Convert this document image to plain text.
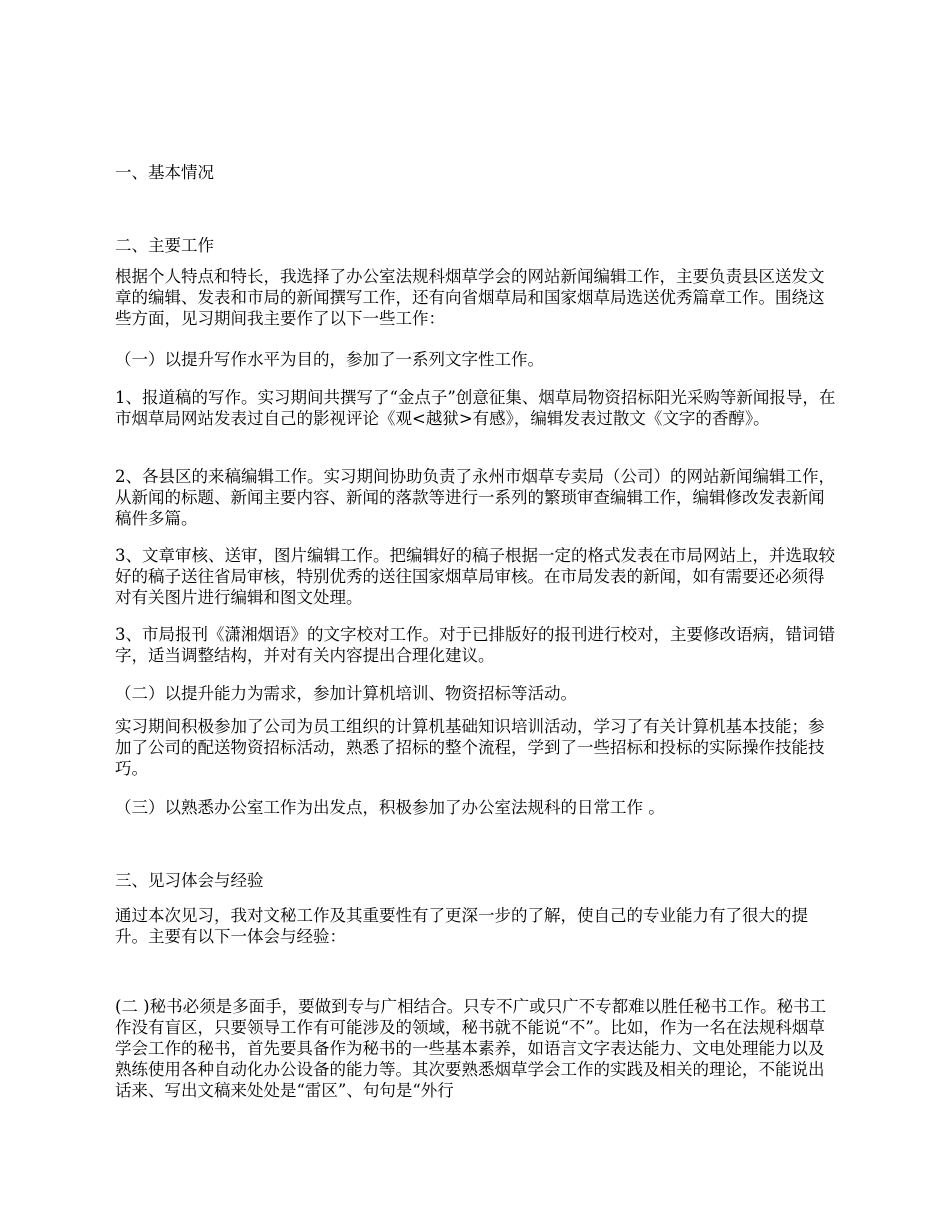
一、基本情况

二、主要工作

根据个人特点和特长，我选择了办公室法规科烟草学会的网站新闻编辑工作，主要负责县区送发文章的编辑、发表和市局的新闻撰写工作，还有向省烟草局和国家烟草局选送优秀篇章工作。围绕这些方面，见习期间我主要作了以下一些工作：

（一）以提升写作水平为目的，参加了一系列文字性工作。

1、报道稿的写作。实习期间共撰写了“金点子”创意征集、烟草局物资招标阳光采购等新闻报导，在市烟草局网站发表过自己的影视评论《观<越狱>有感》，编辑发表过散文《文字的香醇》。

2、各县区的来稿编辑工作。实习期间协助负责了永州市烟草专卖局（公司）的网站新闻编辑工作，从新闻的标题、新闻主要内容、新闻的落款等进行一系列的繁琐审查编辑工作，编辑修改发表新闻稿件多篇。

3、文章审核、送审，图片编辑工作。把编辑好的稿子根据一定的格式发表在市局网站上，并选取较好的稿子送往省局审核，特别优秀的送往国家烟草局审核。在市局发表的新闻，如有需要还必须得对有关图片进行编辑和图文处理。

3、市局报刊《潇湘烟语》的文字校对工作。对于已排版好的报刊进行校对，主要修改语病，错词错字，适当调整结构，并对有关内容提出合理化建议。

（二）以提升能力为需求，参加计算机培训、物资招标等活动。

实习期间积极参加了公司为员工组织的计算机基础知识培训活动，学习了有关计算机基本技能；参加了公司的配送物资招标活动，熟悉了招标的整个流程，学到了一些招标和投标的实际操作技能技巧。

（三）以熟悉办公室工作为出发点，积极参加了办公室法规科的日常工作 。

三、见习体会与经验

通过本次见习，我对文秘工作及其重要性有了更深一步的了解，使自己的专业能力有了很大的提升。主要有以下一体会与经验：

(二 )秘书必须是多面手，要做到专与广相结合。只专不广或只广不专都难以胜任秘书工作。秘书工作没有盲区，只要领导工作有可能涉及的领域，秘书就不能说“不”。比如，作为一名在法规科烟草学会工作的秘书，首先要具备作为秘书的一些基本素养，如语言文字表达能力、文电处理能力以及熟练使用各种自动化办公设备的能力等。其次要熟悉烟草学会工作的实践及相关的理论，不能说出话来、写出文稿来处处是“雷区”、句句是“外行
